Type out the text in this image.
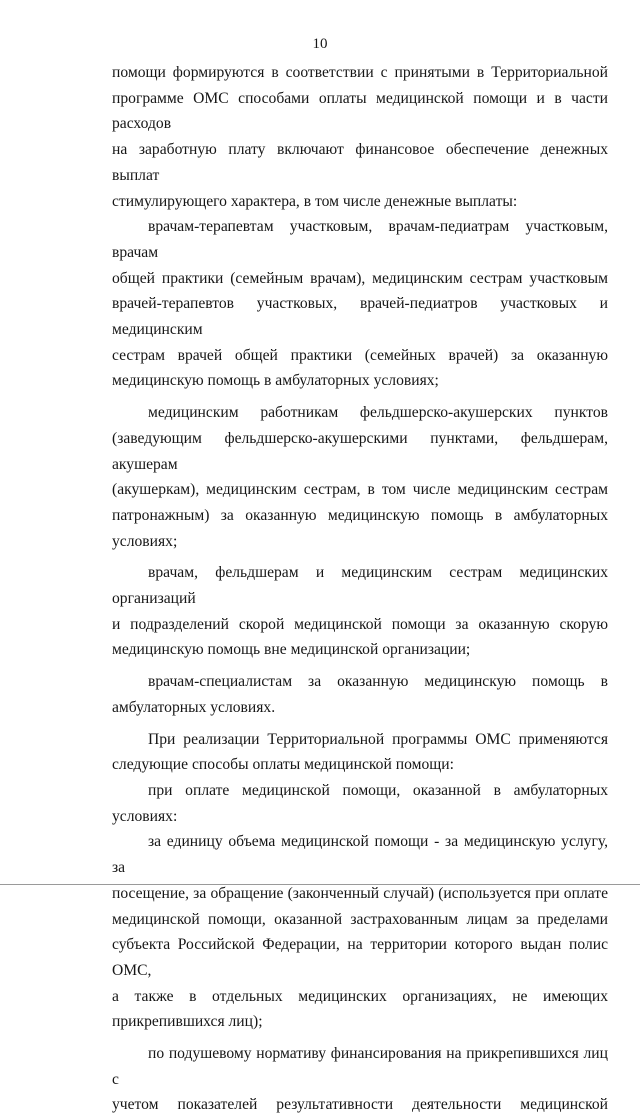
10
помощи формируются в соответствии с принятыми в Территориальной
программе ОМС способами оплаты медицинской помощи и в части расходов
на заработную плату включают финансовое обеспечение денежных выплат
стимулирующего характера, в том числе денежные выплаты:
врачам-терапевтам участковым, врачам-педиатрам участковым, врачам
общей практики (семейным врачам), медицинским сестрам участковым
врачей-терапевтов участковых, врачей-педиатров участковых и медицинским
сестрам врачей общей практики (семейных врачей) за оказанную
медицинскую помощь в амбулаторных условиях;
медицинским работникам фельдшерско-акушерских пунктов
(заведующим фельдшерско-акушерскими пунктами, фельдшерам, акушерам
(акушеркам), медицинским сестрам, в том числе медицинским сестрам
патронажным) за оказанную медицинскую помощь в амбулаторных
условиях;
врачам, фельдшерам и медицинским сестрам медицинских организаций
и подразделений скорой медицинской помощи за оказанную скорую
медицинскую помощь вне медицинской организации;
врачам-специалистам за оказанную медицинскую помощь в
амбулаторных условиях.
При реализации Территориальной программы ОМС применяются
следующие способы оплаты медицинской помощи:
при оплате медицинской помощи, оказанной в амбулаторных условиях:
за единицу объема медицинской помощи - за медицинскую услугу, за
посещение, за обращение (законченный случай) (используется при оплате
медицинской помощи, оказанной застрахованным лицам за пределами
субъекта Российской Федерации, на территории которого выдан полис ОМС,
а также в отдельных медицинских организациях, не имеющих
прикрепившихся лиц);
по подушевому нормативу финансирования на прикрепившихся лиц с
учетом показателей результативности деятельности медицинской
